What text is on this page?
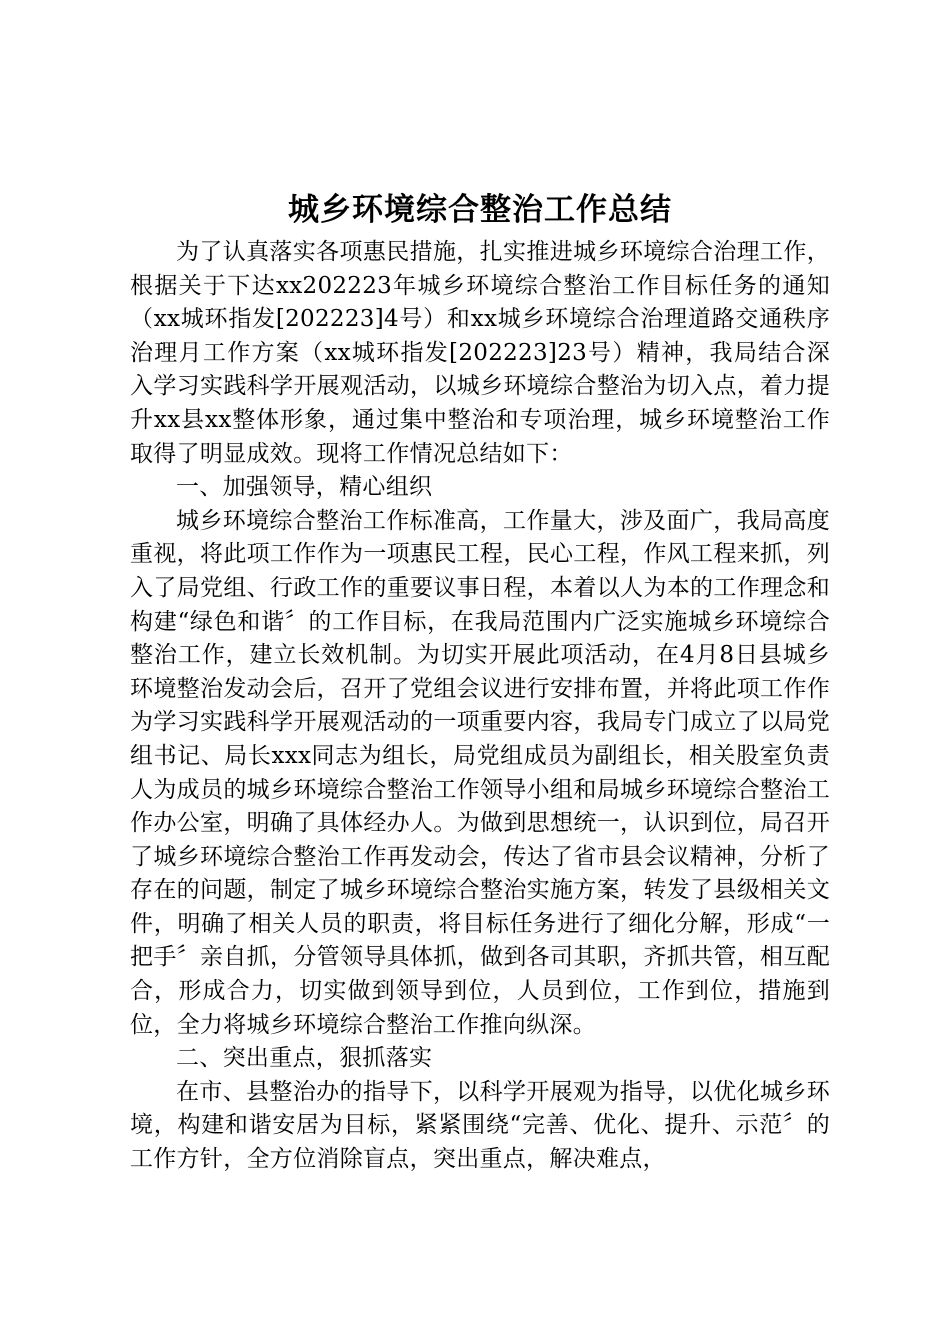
城乡环境综合整治工作总结

为了认真落实各项惠民措施，扎实推进城乡环境综合治理工作，根据关于下达xx202223年城乡环境综合整治工作目标任务的通知（xx城环指发[202223]4号）和xx城乡环境综合治理道路交通秩序治理月工作方案（xx城环指发[202223]23号）精神，我局结合深入学习实践科学开展观活动，以城乡环境综合整治为切入点，着力提升xx县xx整体形象，通过集中整治和专项治理，城乡环境整治工作取得了明显成效。现将工作情况总结如下：

一、加强领导，精心组织

城乡环境综合整治工作标准高，工作量大，涉及面广，我局高度重视，将此项工作作为一项惠民工程，民心工程，作风工程来抓，列入了局党组、行政工作的重要议事日程，本着以人为本的工作理念和构建“绿色和谐〞的工作目标，在我局范围内广泛实施城乡环境综合整治工作，建立长效机制。为切实开展此项活动，在4月8日县城乡环境整治发动会后，召开了党组会议进行安排布置，并将此项工作作为学习实践科学开展观活动的一项重要内容，我局专门成立了以局党组书记、局长xxx同志为组长，局党组成员为副组长，相关股室负责人为成员的城乡环境综合整治工作领导小组和局城乡环境综合整治工作办公室，明确了具体经办人。为做到思想统一，认识到位，局召开了城乡环境综合整治工作再发动会，传达了省市县会议精神，分析了存在的问题，制定了城乡环境综合整治实施方案，转发了县级相关文件，明确了相关人员的职责，将目标任务进行了细化分解，形成“一把手〞亲自抓，分管领导具体抓，做到各司其职，齐抓共管，相互配合，形成合力，切实做到领导到位，人员到位，工作到位，措施到位，全力将城乡环境综合整治工作推向纵深。

二、突出重点，狠抓落实

在市、县整治办的指导下，以科学开展观为指导，以优化城乡环境，构建和谐安居为目标，紧紧围绕“完善、优化、提升、示范〞的工作方针，全方位消除盲点，突出重点，解决难点，
